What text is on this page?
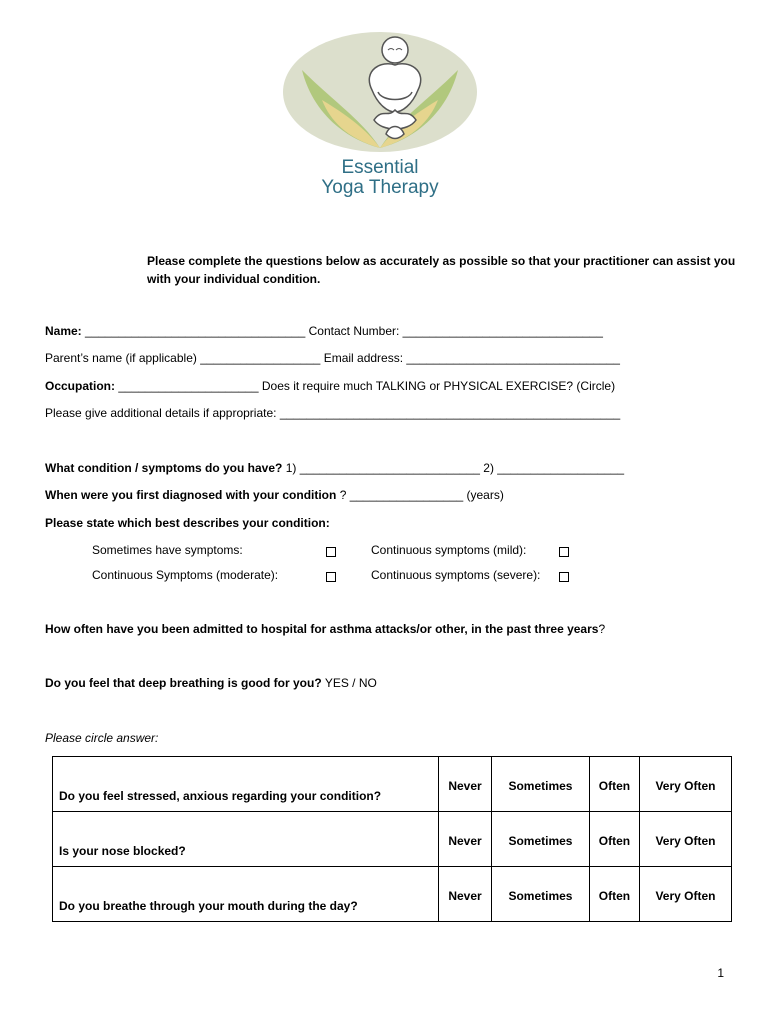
Essential
Yoga Therapy
Please complete the questions below as accurately as possible so that your practitioner can assist you with your individual condition.
Name: _________________________________ Contact Number: ______________________________
Parent’s name (if applicable) __________________ Email address: ________________________________
Occupation: _____________________ Does it require much TALKING or PHYSICAL EXERCISE? (Circle)
Please give additional details if appropriate: ___________________________________________________
What condition / symptoms do you have? 1) ___________________________ 2) ___________________
When were you first diagnosed with your condition ? _________________ (years)
Please state which best describes your condition:
Sometimes have symptoms:	Continuous symptoms (mild):
Continuous Symptoms (moderate):	Continuous symptoms (severe):
How often have you been admitted to hospital for asthma attacks/or other, in the past three years?
Do you feel that deep breathing is good for you? YES / NO
Please circle answer:
Do you feel stressed, anxious regarding your condition?	Never	Sometimes	Often	Very Often
Is your nose blocked?	Never	Sometimes	Often	Very Often
Do you breathe through your mouth during the day?	Never	Sometimes	Often	Very Often
1
